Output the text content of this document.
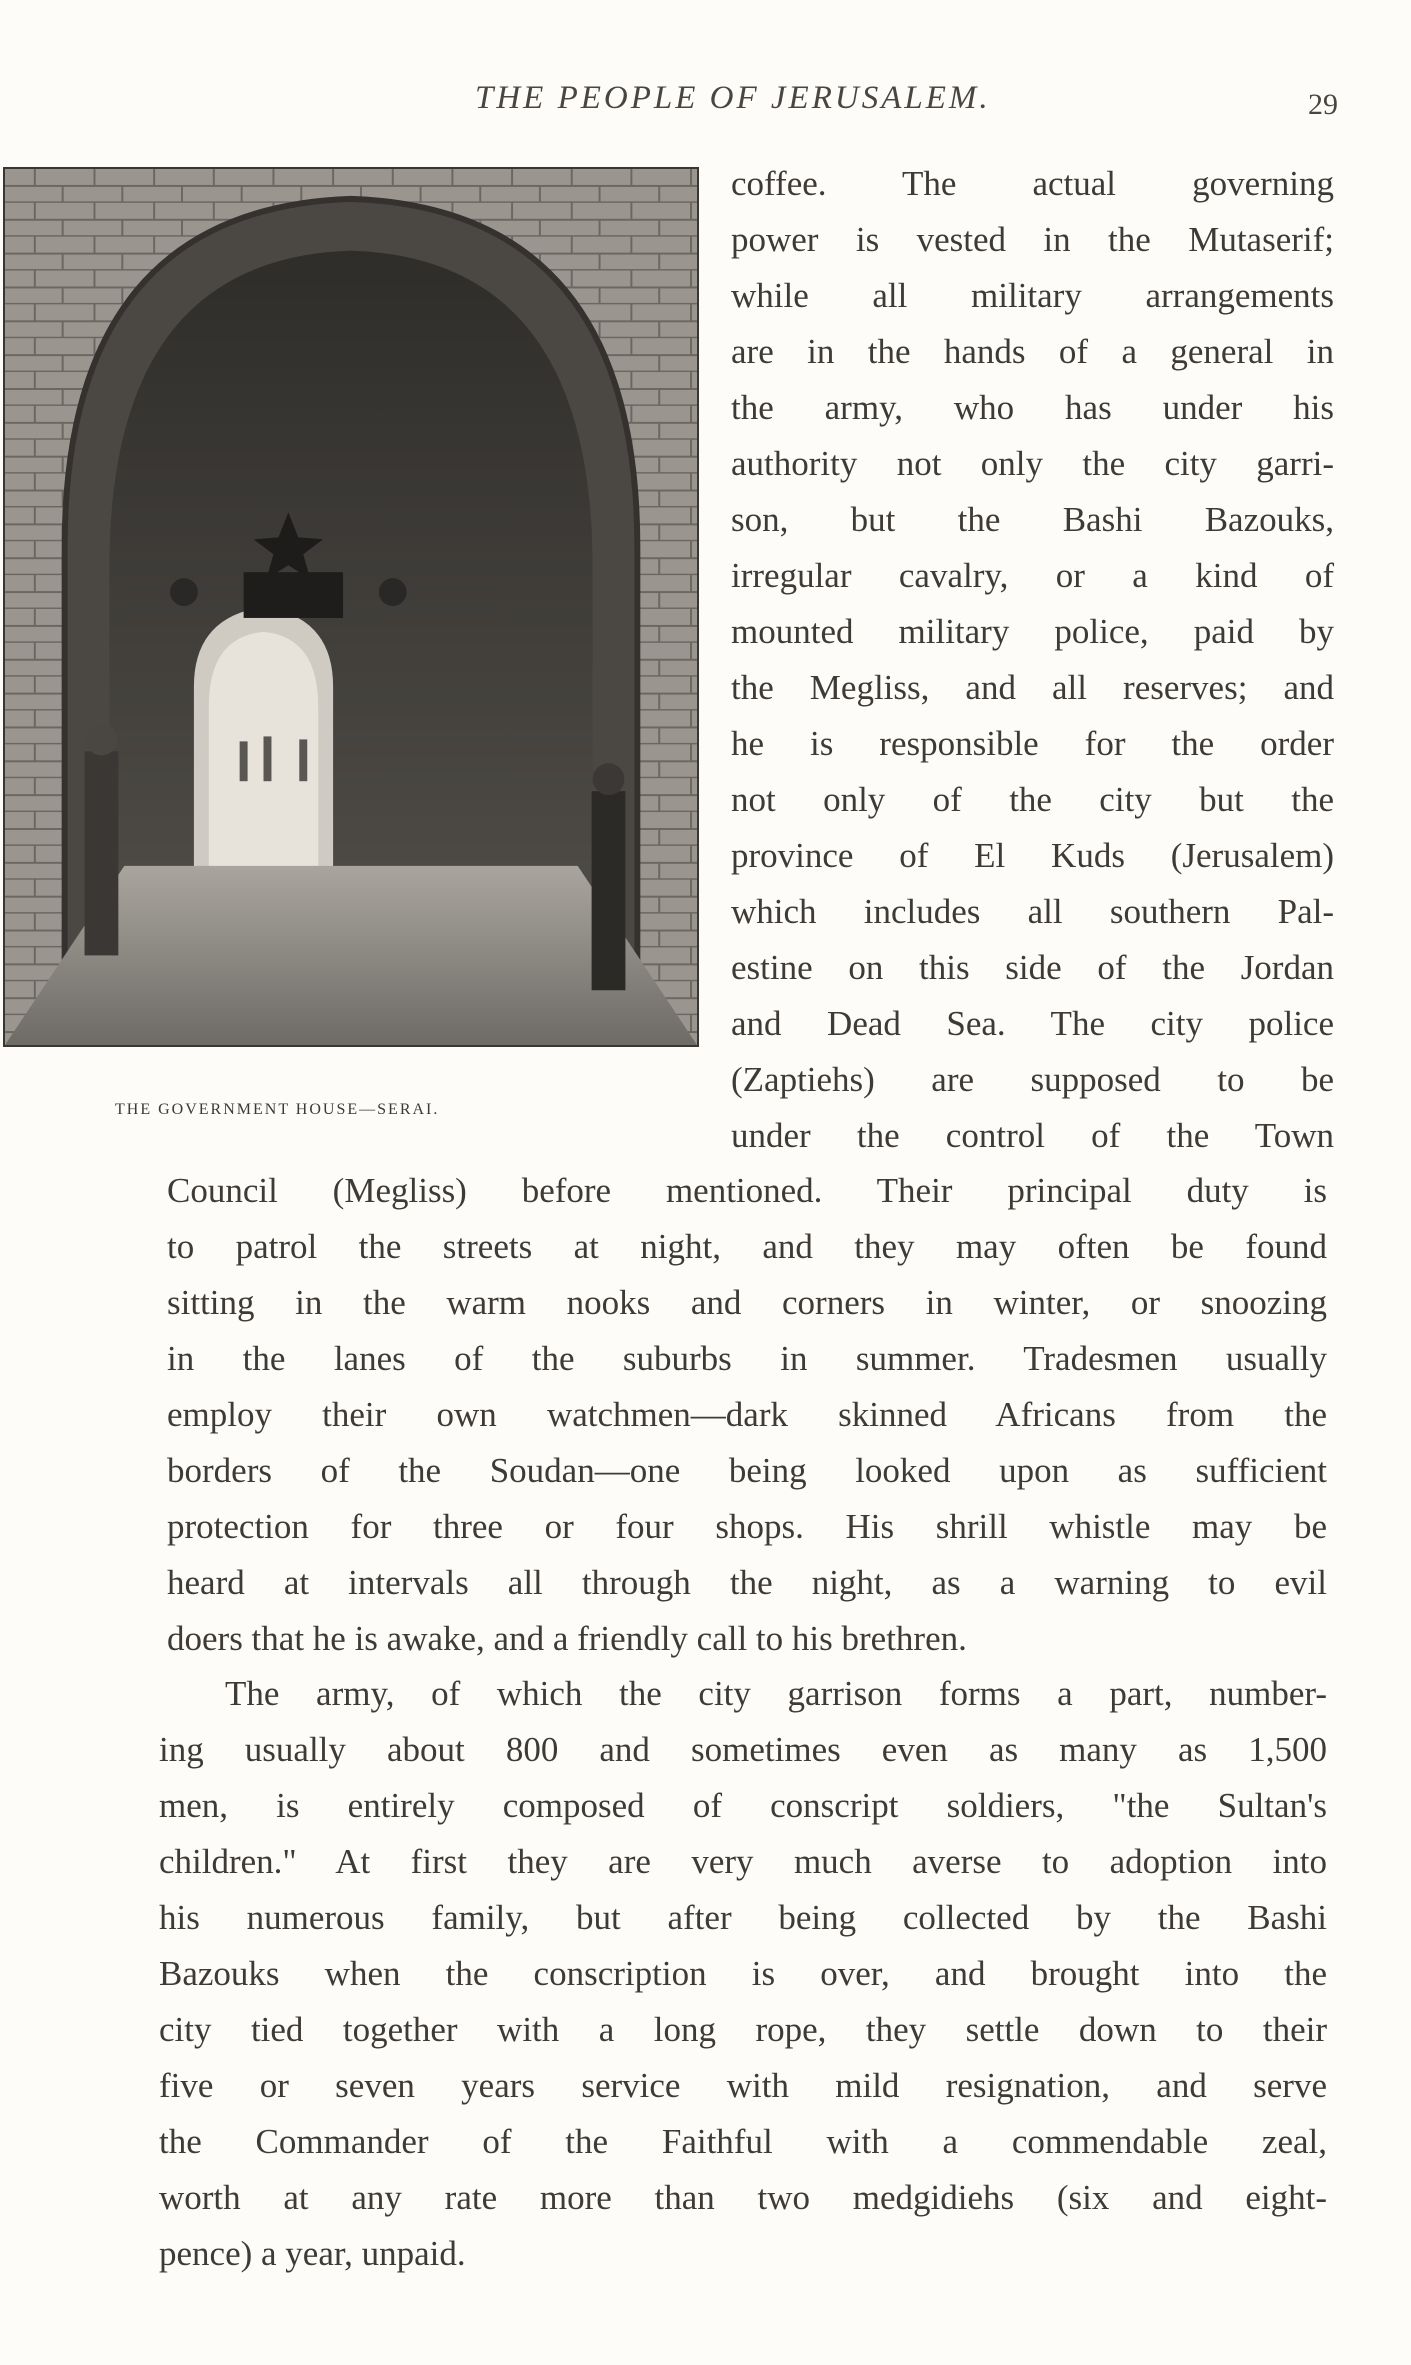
THE PEOPLE OF JERUSALEM.	29
THE GOVERNMENT HOUSE—SERAI.

coffee. The actual governing

power is vested in the Mutaserif;

while all military arrangements

are in the hands of a general in

the army, who has under his

authority not only the city garri-

son, but the Bashi Bazouks,

irregular cavalry, or a kind of

mounted military police, paid by

the Megliss, and all reserves; and

he is responsible for the order

not only of the city but the

province of El Kuds (Jerusalem)

which includes all southern Pal-

estine on this side of the Jordan

and Dead Sea. The city police

(Zaptiehs) are supposed to be

under the control of the Town

Council (Megliss) before mentioned. Their principal duty is

to patrol the streets at night, and they may often be found

sitting in the warm nooks and corners in winter, or snoozing

in the lanes of the suburbs in summer. Tradesmen usually

employ their own watchmen—dark skinned Africans from the

borders of the Soudan—one being looked upon as sufficient

protection for three or four shops. His shrill whistle may be

heard at intervals all through the night, as a warning to evil

doers that he is awake, and a friendly call to his brethren.

The army, of which the city garrison forms a part, number-

ing usually about 800 and sometimes even as many as 1,500

men, is entirely composed of conscript soldiers, "the Sultan's

children." At first they are very much averse to adoption into

his numerous family, but after being collected by the Bashi

Bazouks when the conscription is over, and brought into the

city tied together with a long rope, they settle down to their

five or seven years service with mild resignation, and serve

the Commander of the Faithful with a commendable zeal,

worth at any rate more than two medgidiehs (six and eight-

pence) a year, unpaid.
